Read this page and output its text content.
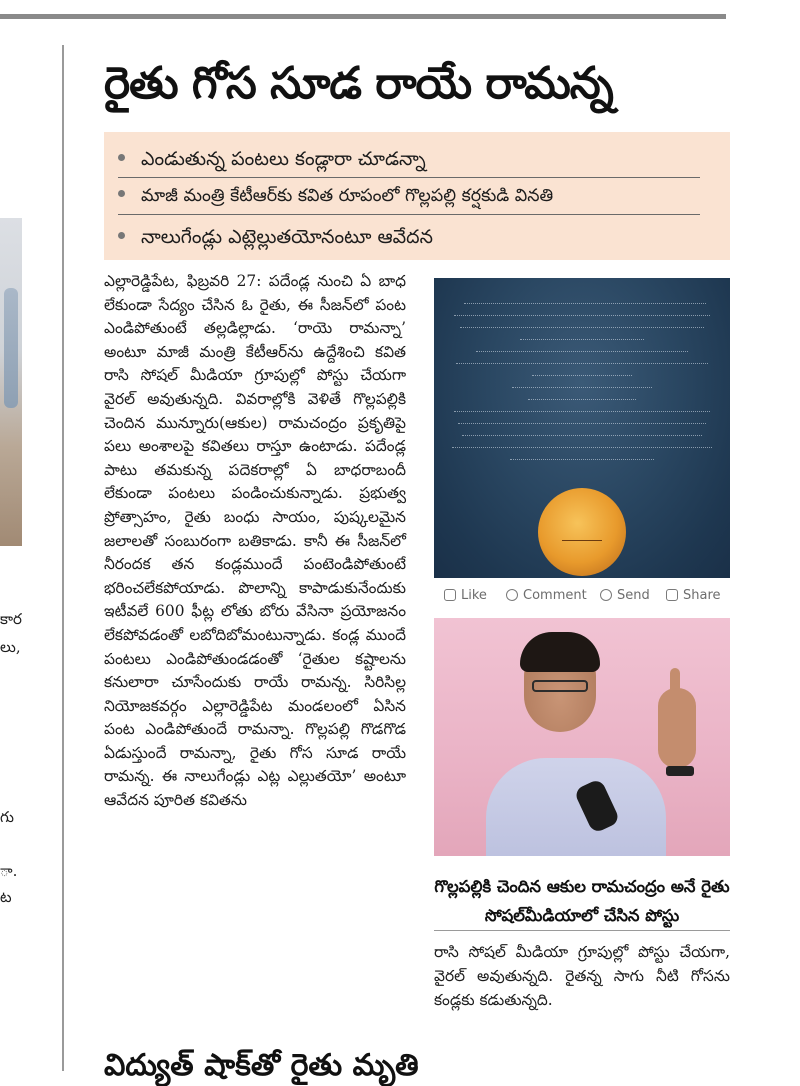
కార
లు,
గు
ా.
ట
రైతు గోస సూడ రాయే రామన్న
ఎండుతున్న పంటలు కండ్లారా చూడన్నా
మాజీ మంత్రి కేటీఆర్‌కు కవిత రూపంలో గొల్లపల్లి కర్షకుడి వినతి
నాలుగేండ్లు ఎట్లెల్లుతయోనంటూ ఆవేదన

ఎల్లారెడ్డిపేట, ఫిబ్రవరి 27: పదేండ్ల నుంచి ఏ బాధ లేకుండా సేద్యం చేసిన ఓ రైతు, ఈ సీజన్‌లో పంట ఎండిపోతుంటే తల్లడిల్లాడు. ‘రాయె రామన్నా’ అంటూ మాజీ మంత్రి కేటీఆర్‌ను ఉద్దేశించి కవిత రాసి సోషల్ మీడియా గ్రూపుల్లో పోస్టు చేయగా వైరల్ అవుతున్నది. వివరాల్లోకి వెళితే గొల్లపల్లికి చెందిన మున్నూరు(ఆకుల) రామచంద్రం ప్రకృతిపై పలు అంశాలపై కవితలు రాస్తూ ఉంటాడు. పదేండ్ల పాటు తమకున్న పదెకరాల్లో ఏ బాధరాబందీ లేకుండా పంటలు పండించుకున్నాడు. ప్రభుత్వ ప్రోత్సాహం, రైతు బంధు సాయం, పుష్కలమైన జలాలతో సంబురంగా బతికాడు. కానీ ఈ సీజన్‌లో నీరందక తన కండ్లముందే పంటెండిపోతుంటే భరించలేకపోయాడు. పొలాన్ని కాపాడుకునేందుకు ఇటీవలే 600 ఫీట్ల లోతు బోరు వేసినా ప్రయోజనం లేకపోవడంతో లబోదిబోమంటున్నాడు. కండ్ల ముందే పంటలు ఎండిపోతుండడంతో ‘రైతుల కష్టాలను కనులారా చూసేందుకు రాయే రామన్న. సిరిసిల్ల నియోజకవర్గం ఎల్లారెడ్డిపేట మండలంలో ఏసిన పంట ఎండిపోతుందే రామన్నా. గొల్లపల్లి గొడగొడ ఏడుస్తుందే రామన్నా, రైతు గోస సూడ రాయే రామన్న. ఈ నాలుగేండ్లు ఎట్ల ఎల్లుతయో’ అంటూ ఆవేదన పూరిత కవితను

Like	Comment	Send	Share

గొల్లపల్లికి చెందిన ఆకుల రామచంద్రం అనే రైతు సోషల్‌మీడియాలో చేసిన పోస్టు

రాసి సోషల్ మీడియా గ్రూపుల్లో పోస్టు చేయగా, వైరల్ అవుతున్నది. రైతన్న సాగు నీటి గోసను కండ్లకు కడుతున్నది.

విద్యుత్ షాక్‌తో రైతు మృతి
